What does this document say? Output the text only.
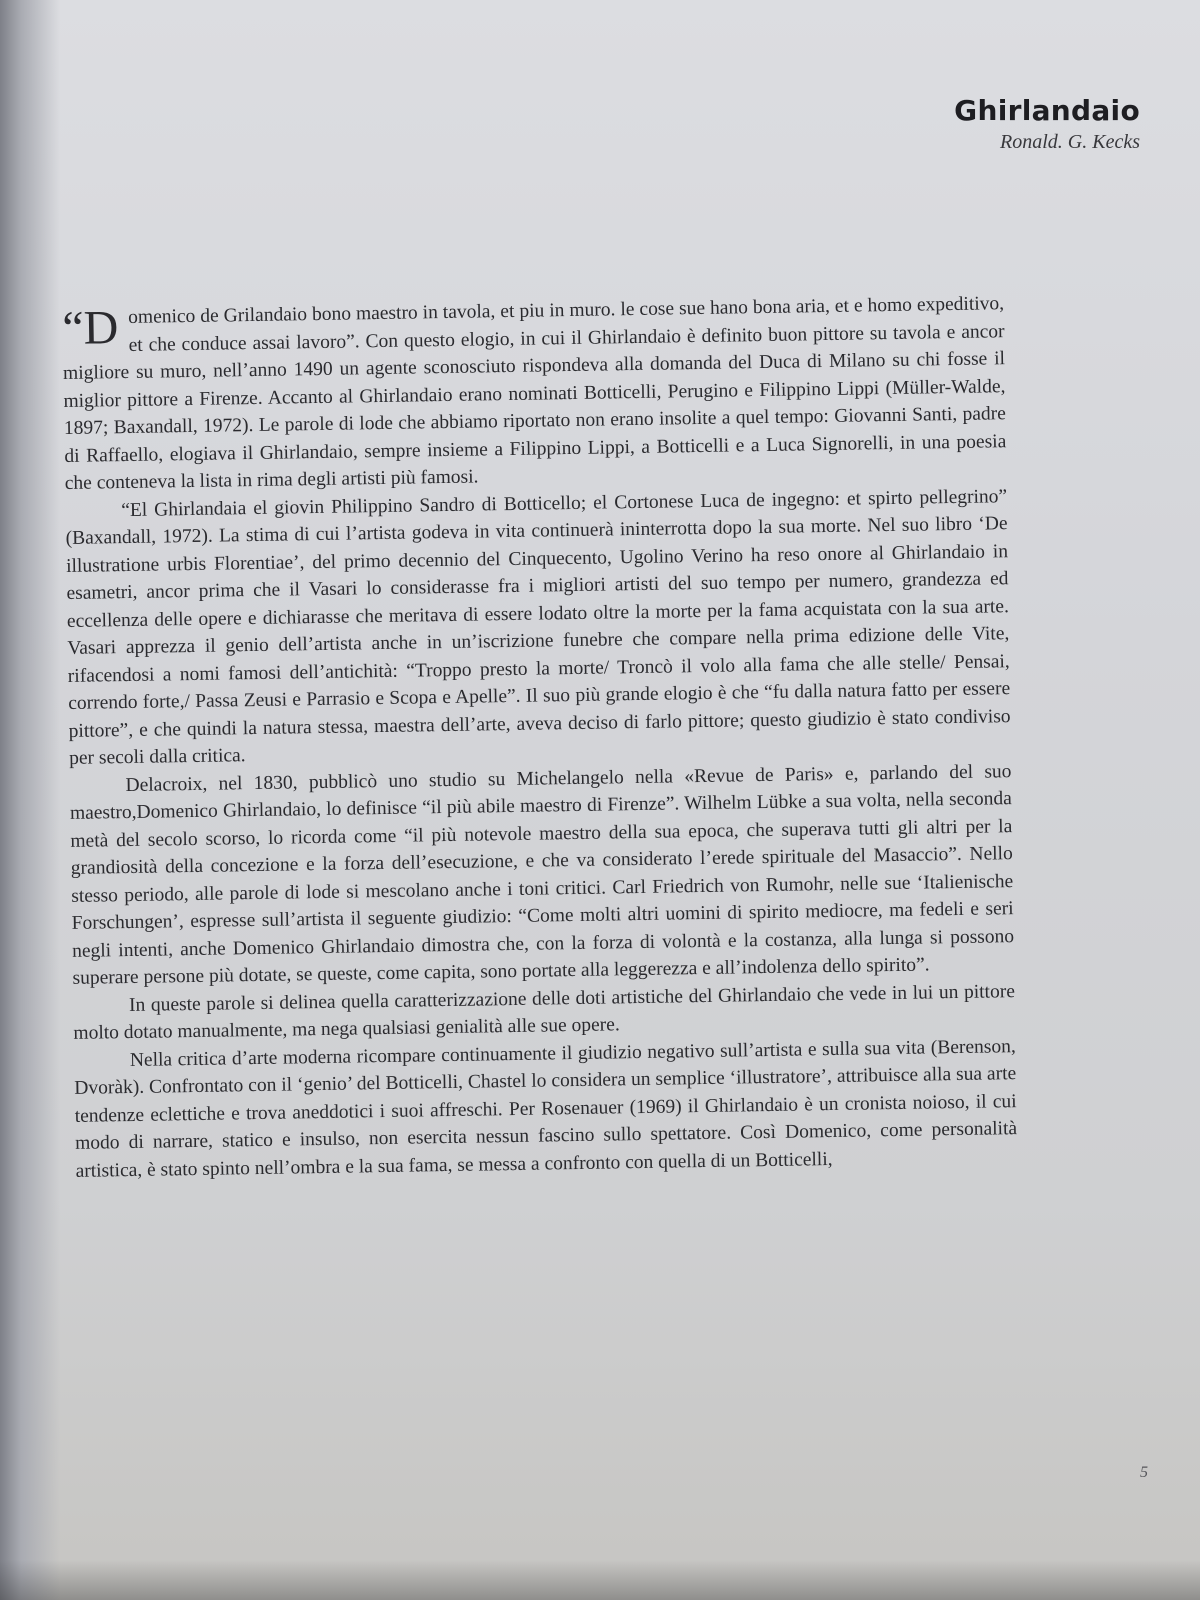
Ghirlandaio
Ronald. G. Kecks

“D omenico de Grilandaio bono maestro in tavola, et piu in muro. le cose sue hano bona aria, et e homo expeditivo, et che conduce assai lavoro”. Con questo elogio, in cui il Ghirlandaio è definito buon pittore su tavola e ancor migliore su muro, nell’anno 1490 un agente sconosciuto rispondeva alla domanda del Duca di Milano su chi fosse il miglior pittore a Firenze. Accanto al Ghirlandaio erano nominati Botticelli, Perugino e Filippino Lippi (Müller-Walde, 1897; Baxandall, 1972). Le parole di lode che abbiamo riportato non erano insolite a quel tempo: Giovanni Santi, padre di Raffaello, elogiava il Ghirlandaio, sempre insieme a Filippino Lippi, a Botticelli e a Luca Signorelli, in una poesia che conteneva la lista in rima degli artisti più famosi.

“El Ghirlandaia el giovin Philippino Sandro di Botticello; el Cortonese Luca de ingegno: et spirto pellegrino” (Baxandall, 1972). La stima di cui l’artista godeva in vita continuerà ininterrotta dopo la sua morte. Nel suo libro ‘De illustratione urbis Florentiae’, del primo decennio del Cinquecento, Ugolino Verino ha reso onore al Ghirlandaio in esametri, ancor prima che il Vasari lo considerasse fra i migliori artisti del suo tempo per numero, grandezza ed eccellenza delle opere e dichiarasse che meritava di essere lodato oltre la morte per la fama acquistata con la sua arte. Vasari apprezza il genio dell’artista anche in un’iscrizione funebre che compare nella prima edizione delle Vite, rifacendosi a nomi famosi dell’antichità: “Troppo presto la morte/ Troncò il volo alla fama che alle stelle/ Pensai, correndo forte,/ Passa Zeusi e Parrasio e Scopa e Apelle”. Il suo più grande elogio è che “fu dalla natura fatto per essere pittore”, e che quindi la natura stessa, maestra dell’arte, aveva deciso di farlo pittore; questo giudizio è stato condiviso per secoli dalla critica.

Delacroix, nel 1830, pubblicò uno studio su Michelangelo nella «Revue de Paris» e, parlando del suo maestro,Domenico Ghirlandaio, lo definisce “il più abile maestro di Firenze”. Wilhelm Lübke a sua volta, nella seconda metà del secolo scorso, lo ricorda come “il più notevole maestro della sua epoca, che superava tutti gli altri per la grandiosità della concezione e la forza dell’esecuzione, e che va considerato l’erede spirituale del Masaccio”. Nello stesso periodo, alle parole di lode si mescolano anche i toni critici. Carl Friedrich von Rumohr, nelle sue ‘Italienische Forschungen’, espresse sull’artista il seguente giudizio: “Come molti altri uomini di spirito mediocre, ma fedeli e seri negli intenti, anche Domenico Ghirlandaio dimostra che, con la forza di volontà e la costanza, alla lunga si possono superare persone più dotate, se queste, come capita, sono portate alla leggerezza e all’indolenza dello spirito”.

In queste parole si delinea quella caratterizzazione delle doti artistiche del Ghirlandaio che vede in lui un pittore molto dotato manualmente, ma nega qualsiasi genialità alle sue opere.

Nella critica d’arte moderna ricompare continuamente il giudizio negativo sull’artista e sulla sua vita (Berenson, Dvoràk). Confrontato con il ‘genio’ del Botticelli, Chastel lo considera un semplice ‘illustratore’, attribuisce alla sua arte tendenze eclettiche e trova aneddotici i suoi affreschi. Per Rosenauer (1969) il Ghirlandaio è un cronista noioso, il cui modo di narrare, statico e insulso, non esercita nessun fascino sullo spettatore. Così Domenico, come personalità artistica, è stato spinto nell’ombra e la sua fama, se messa a confronto con quella di un Botticelli,

5
